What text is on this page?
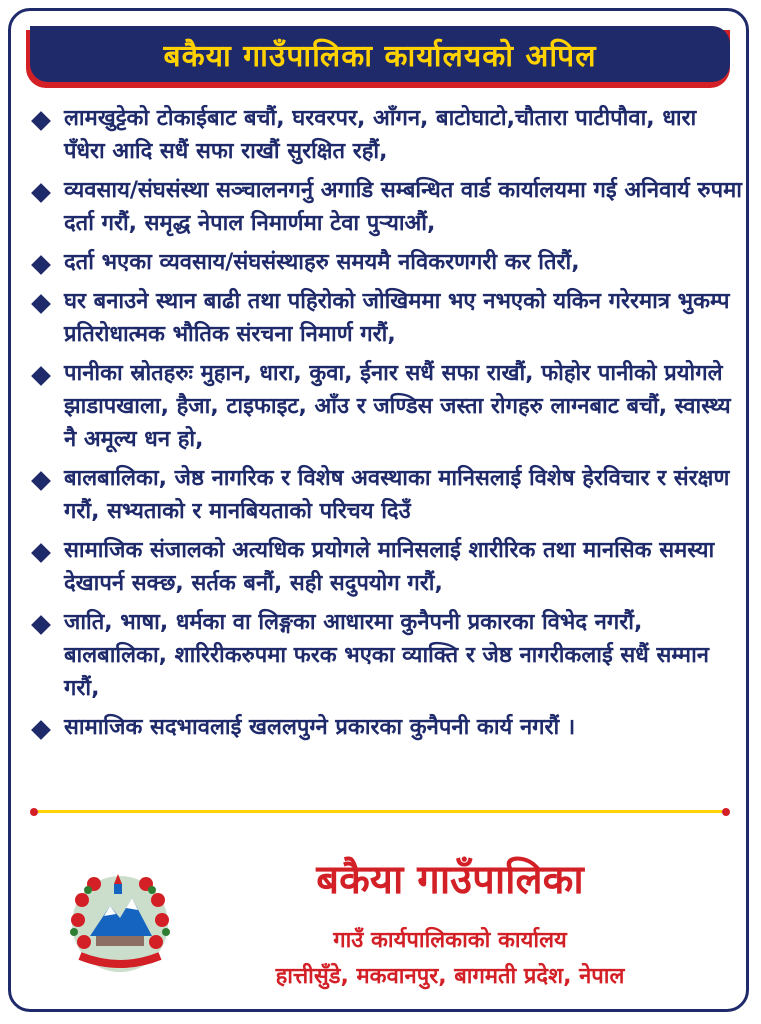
बकैया गाउँपालिका कार्यालयको अपिल
लामखुट्टेको टोकाईबाट बचौं, घरवरपर, आँगन, बाटोघाटो,चौतारा पाटीपौवा, धारा पँधेरा आदि सधैं सफा राखौं सुरक्षित रहौं,
व्यवसाय/संघसंस्था सञ्चालनगर्नु अगाडि सम्बन्धित वार्ड कार्यालयमा गई अनिवार्य रुपमा दर्ता गरौं, समृद्ध नेपाल निमार्णमा टेवा पुऱ्याऔं,
दर्ता भएका व्यवसाय/संघसंस्थाहरु समयमै नविकरणगरी कर तिरौं,
घर बनाउने स्थान बाढी तथा पहिरोको जोखिममा भए नभएको यकिन गरेरमात्र भुकम्प प्रतिरोधात्मक भौतिक संरचना निमार्ण गरौं,
पानीका स्रोतहरुः मुहान, धारा, कुवा, ईनार सधैं सफा राखौं, फोहोर पानीको प्रयोगले झाडापखाला, हैजा, टाइफाइट, आँउ र जण्डिस जस्ता रोगहरु लाग्नबाट बचौं, स्वास्थ्य नै अमूल्य धन हो,
बालबालिका, जेष्ठ नागरिक र विशेष अवस्थाका मानिसलाई विशेष हेरविचार र संरक्षण गरौं, सभ्यताको र मानबियताको परिचय दिउँ
सामाजिक संजालको अत्यधिक प्रयोगले मानिसलाई शारीरिक तथा मानसिक समस्या देखापर्न सक्छ, सर्तक बनौं, सही सदुपयोग गरौं,
जाति, भाषा, धर्मका वा लिङ्गका आधारमा कुनैपनी प्रकारका विभेद नगरौं, बालबालिका, शारिरीकरुपमा फरक भएका व्याक्ति र जेष्ठ नागरीकलाई सधैं सम्मान गरौं,
सामाजिक सदभावलाई खललपुग्ने प्रकारका कुनैपनी कार्य नगरौं ।
बकैया गाउँपालिका
गाउँ कार्यपालिकाको कार्यालय
हात्तीसुँडे, मकवानपुर, बागमती प्रदेश, नेपाल
